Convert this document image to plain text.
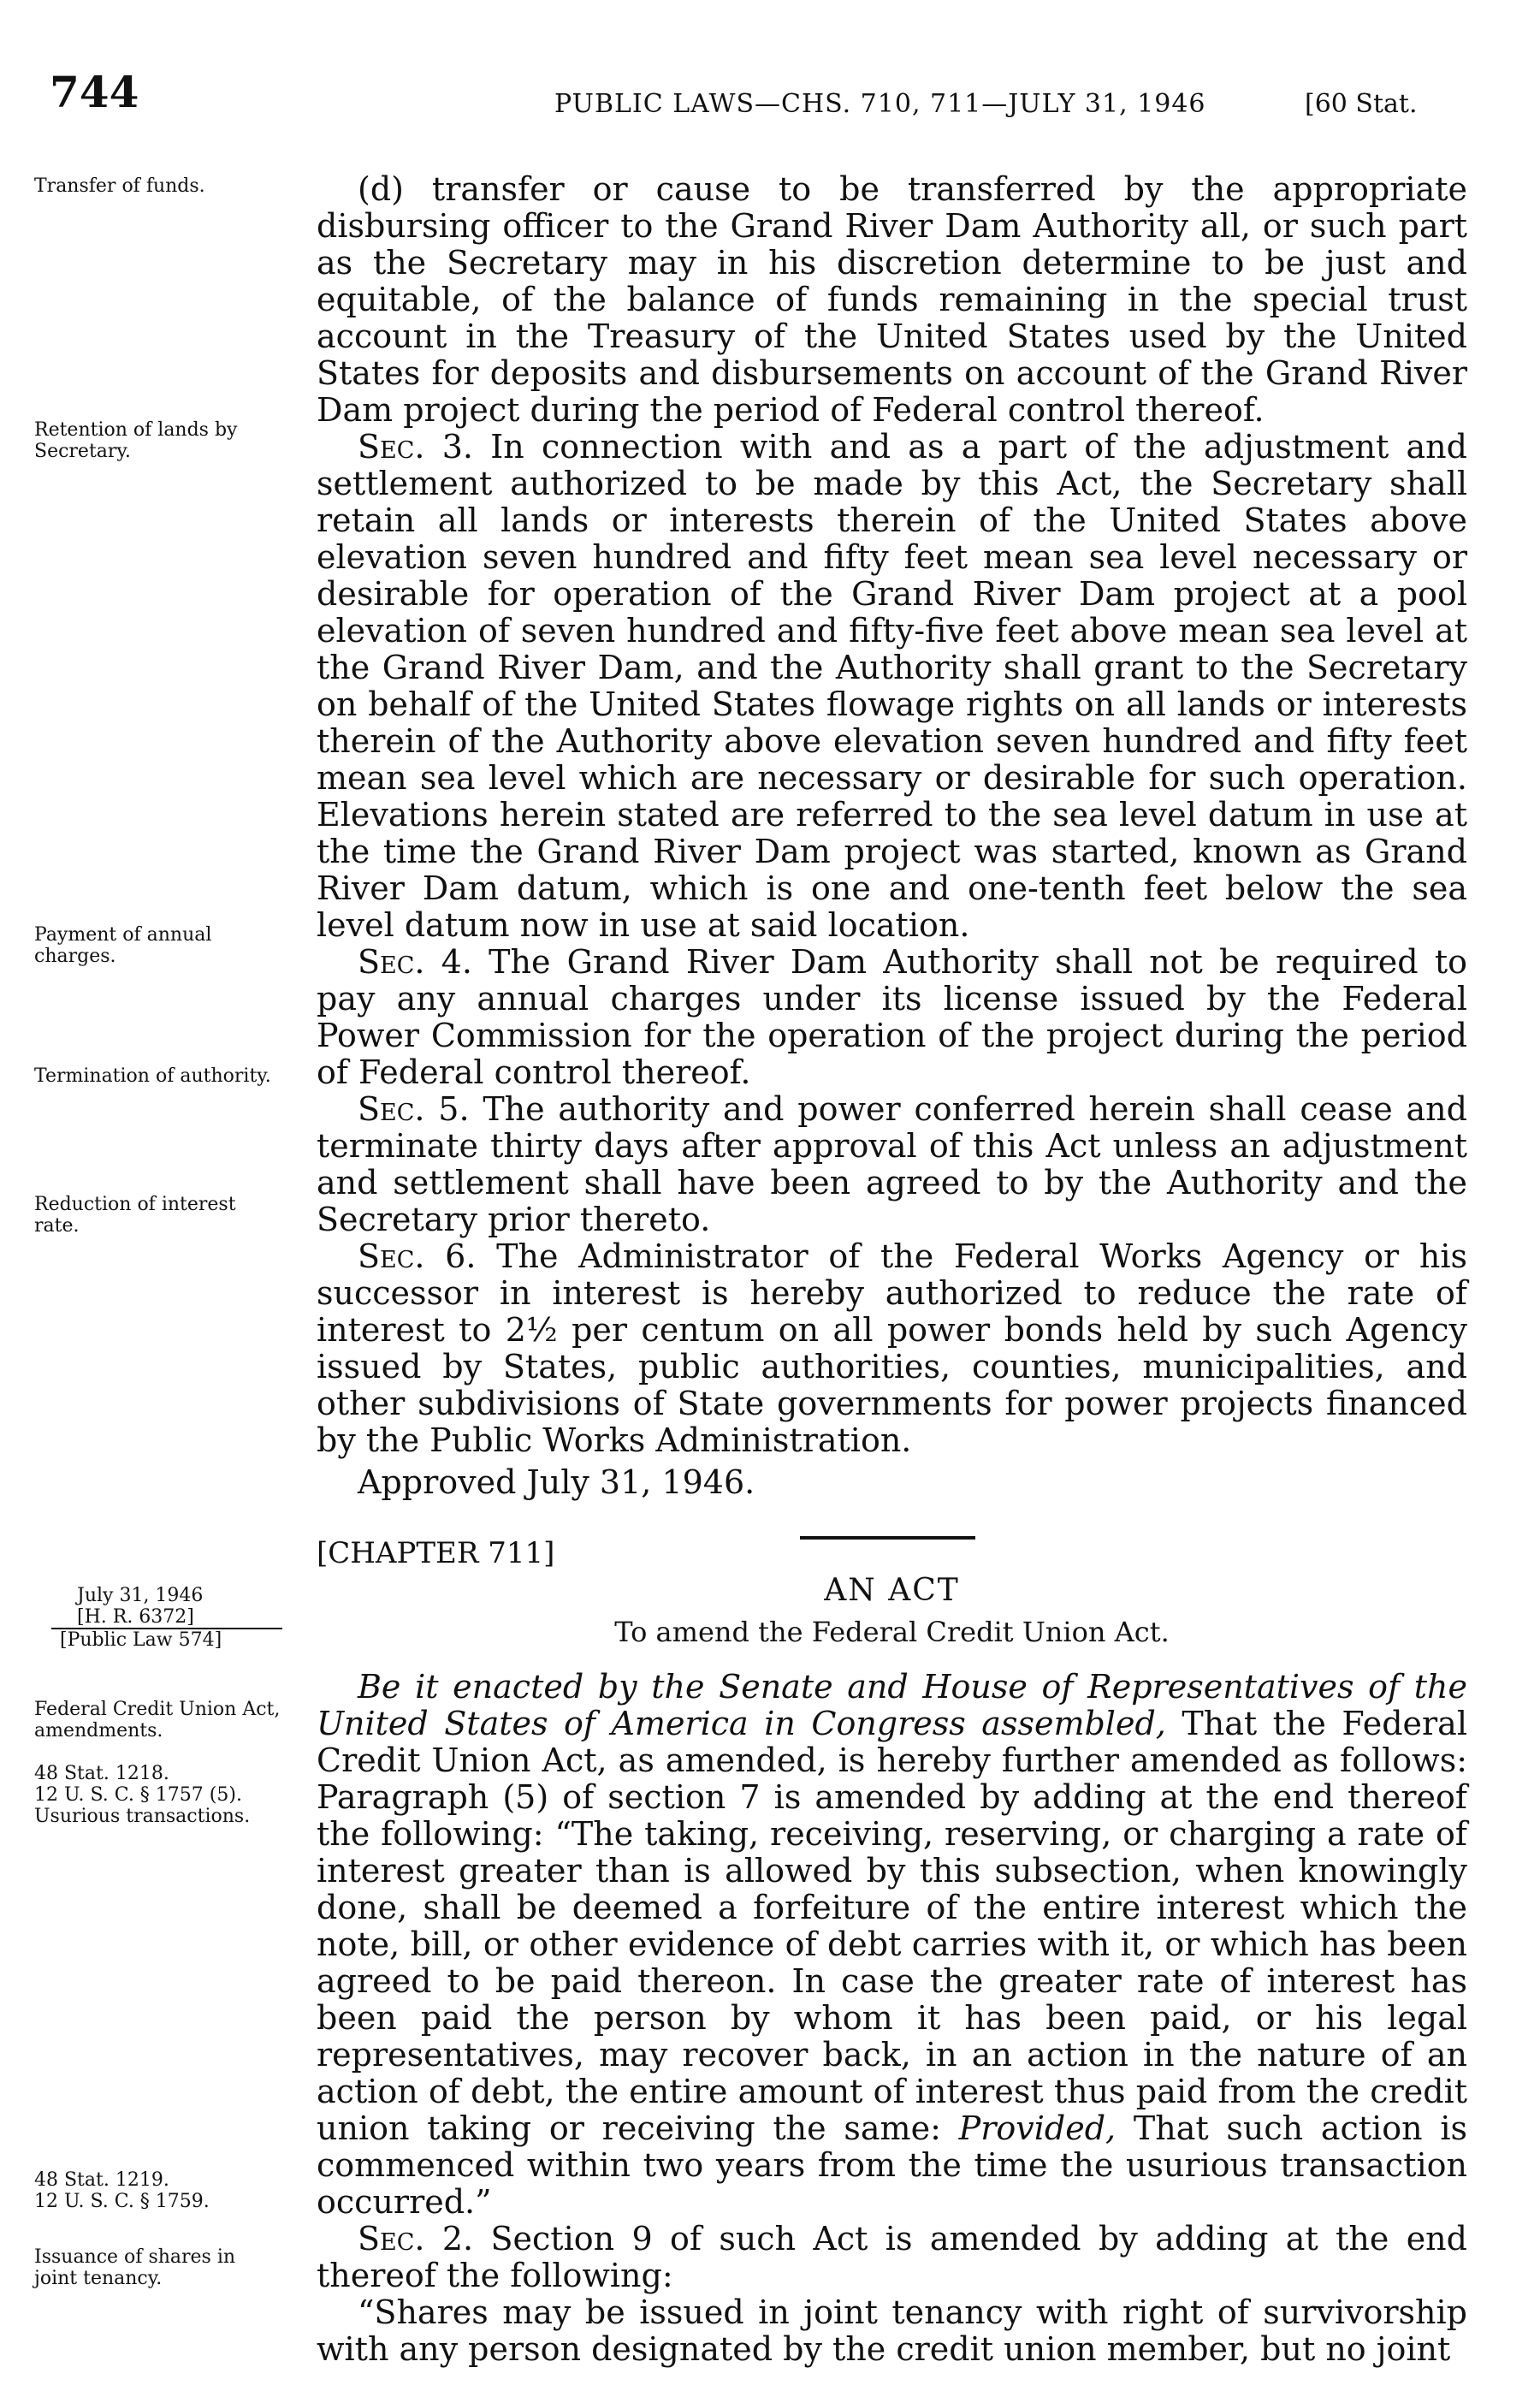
744	PUBLIC LAWS—CHS. 710, 711—JULY 31, 1946	[60 Stat.
Transfer of funds.
Retention of lands by Secretary.
Payment of annual charges.
Termination of authority.
Reduction of interest rate.
July 31, 1946
[H. R. 6372]
[Public Law 574]
Federal Credit Union Act, amendments.
48 Stat. 1218.
12 U. S. C. § 1757 (5).
Usurious transactions.
48 Stat. 1219.
12 U. S. C. § 1759.
Issuance of shares in joint tenancy.

(d) transfer or cause to be transferred by the appropriate disbursing officer to the Grand River Dam Authority all, or such part as the Secretary may in his discretion determine to be just and equitable, of the balance of funds remaining in the special trust account in the Treasury of the United States used by the United States for deposits and disbursements on account of the Grand River Dam project during the period of Federal control thereof.

Sec. 3. In connection with and as a part of the adjustment and settlement authorized to be made by this Act, the Secretary shall retain all lands or interests therein of the United States above elevation seven hundred and fifty feet mean sea level necessary or desirable for operation of the Grand River Dam project at a pool elevation of seven hundred and fifty-five feet above mean sea level at the Grand River Dam, and the Authority shall grant to the Secretary on behalf of the United States flowage rights on all lands or interests therein of the Authority above elevation seven hundred and fifty feet mean sea level which are necessary or desirable for such operation. Elevations herein stated are referred to the sea level datum in use at the time the Grand River Dam project was started, known as Grand River Dam datum, which is one and one-tenth feet below the sea level datum now in use at said location.

Sec. 4. The Grand River Dam Authority shall not be required to pay any annual charges under its license issued by the Federal Power Commission for the operation of the project during the period of Federal control thereof.

Sec. 5. The authority and power conferred herein shall cease and terminate thirty days after approval of this Act unless an adjustment and settlement shall have been agreed to by the Authority and the Secretary prior thereto.

Sec. 6. The Administrator of the Federal Works Agency or his successor in interest is hereby authorized to reduce the rate of interest to 2½ per centum on all power bonds held by such Agency issued by States, public authorities, counties, municipalities, and other subdivisions of State governments for power projects financed by the Public Works Administration.

Approved July 31, 1946.

[CHAPTER 711]
AN ACT
To amend the Federal Credit Union Act.

Be it enacted by the Senate and House of Representatives of the United States of America in Congress assembled, That the Federal Credit Union Act, as amended, is hereby further amended as follows: Paragraph (5) of section 7 is amended by adding at the end thereof the following: “The taking, receiving, reserving, or charging a rate of interest greater than is allowed by this subsection, when knowingly done, shall be deemed a forfeiture of the entire interest which the note, bill, or other evidence of debt carries with it, or which has been agreed to be paid thereon. In case the greater rate of interest has been paid the person by whom it has been paid, or his legal representatives, may recover back, in an action in the nature of an action of debt, the entire amount of interest thus paid from the credit union taking or receiving the same: Provided, That such action is commenced within two years from the time the usurious transaction occurred.”

Sec. 2. Section 9 of such Act is amended by adding at the end thereof the following:

“Shares may be issued in joint tenancy with right of survivorship with any person designated by the credit union member, but no joint
